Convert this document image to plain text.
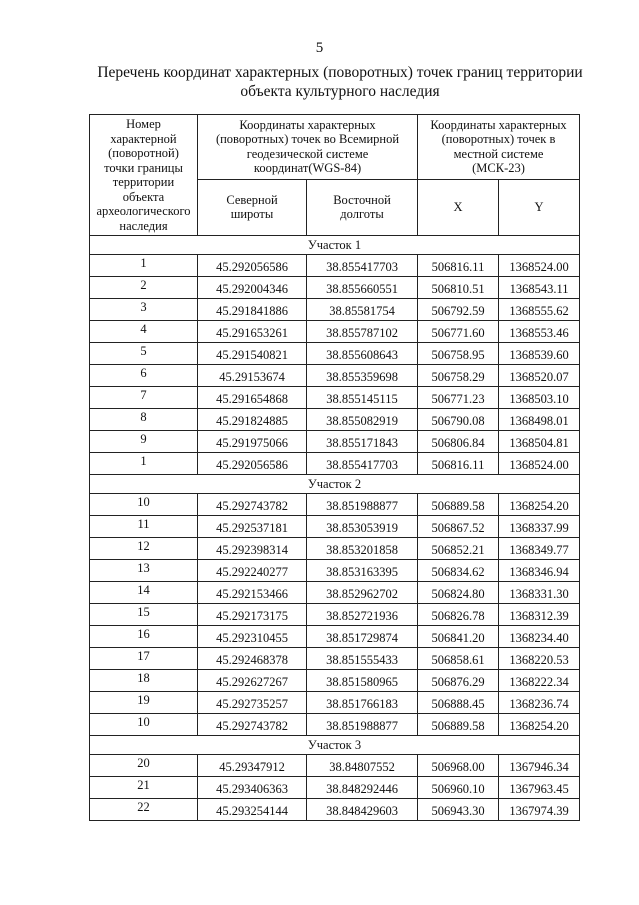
5
Перечень координат характерных (поворотных) точек границ территории
объекта культурного наследия
Номер характерной (поворотной) точки границы территории объекта археологического наследия	Координаты характерных (поворотных) точек во Всемирной геодезической системе координат(WGS-84)		Координаты характерных (поворотных) точек в местной системе (МСК-23)	
	Северной широты	Восточной долготы	X	Y
Участок 1				
1	45.292056586	38.855417703	506816.11	1368524.00
2	45.292004346	38.855660551	506810.51	1368543.11
3	45.291841886	38.85581754	506792.59	1368555.62
4	45.291653261	38.855787102	506771.60	1368553.46
5	45.291540821	38.855608643	506758.95	1368539.60
6	45.29153674	38.855359698	506758.29	1368520.07
7	45.291654868	38.855145115	506771.23	1368503.10
8	45.291824885	38.855082919	506790.08	1368498.01
9	45.291975066	38.855171843	506806.84	1368504.81
1	45.292056586	38.855417703	506816.11	1368524.00
Участок 2				
10	45.292743782	38.851988877	506889.58	1368254.20
11	45.292537181	38.853053919	506867.52	1368337.99
12	45.292398314	38.853201858	506852.21	1368349.77
13	45.292240277	38.853163395	506834.62	1368346.94
14	45.292153466	38.852962702	506824.80	1368331.30
15	45.292173175	38.852721936	506826.78	1368312.39
16	45.292310455	38.851729874	506841.20	1368234.40
17	45.292468378	38.851555433	506858.61	1368220.53
18	45.292627267	38.851580965	506876.29	1368222.34
19	45.292735257	38.851766183	506888.45	1368236.74
10	45.292743782	38.851988877	506889.58	1368254.20
Участок 3				
20	45.29347912	38.84807552	506968.00	1367946.34
21	45.293406363	38.848292446	506960.10	1367963.45
22	45.293254144	38.848429603	506943.30	1367974.39
